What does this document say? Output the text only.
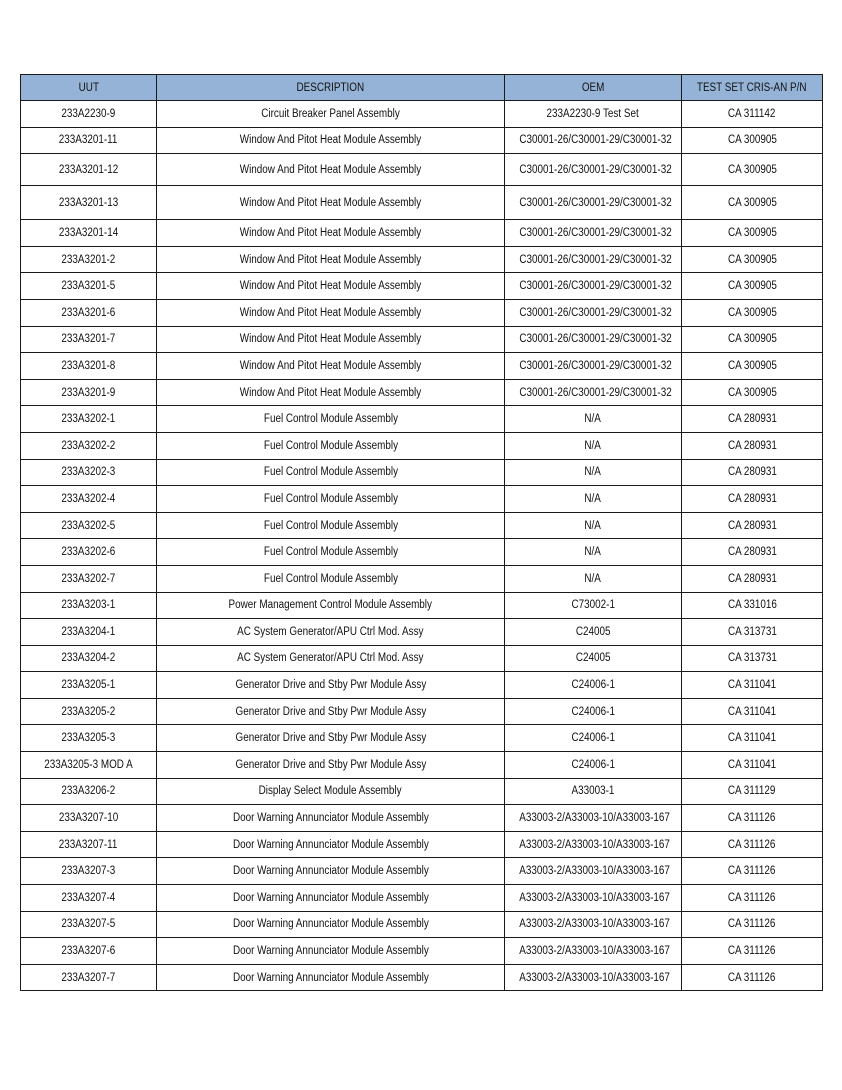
UUT	DESCRIPTION	OEM	TEST SET CRIS-AN P/N
233A2230-9	Circuit Breaker Panel Assembly	233A2230-9 Test Set	CA 311142
233A3201-11	Window And Pitot Heat Module Assembly	C30001-26/C30001-29/C30001-32	CA 300905
233A3201-12	Window And Pitot Heat Module Assembly	C30001-26/C30001-29/C30001-32	CA 300905
233A3201-13	Window And Pitot Heat Module Assembly	C30001-26/C30001-29/C30001-32	CA 300905
233A3201-14	Window And Pitot Heat Module Assembly	C30001-26/C30001-29/C30001-32	CA 300905
233A3201-2	Window And Pitot Heat Module Assembly	C30001-26/C30001-29/C30001-32	CA 300905
233A3201-5	Window And Pitot Heat Module Assembly	C30001-26/C30001-29/C30001-32	CA 300905
233A3201-6	Window And Pitot Heat Module Assembly	C30001-26/C30001-29/C30001-32	CA 300905
233A3201-7	Window And Pitot Heat Module Assembly	C30001-26/C30001-29/C30001-32	CA 300905
233A3201-8	Window And Pitot Heat Module Assembly	C30001-26/C30001-29/C30001-32	CA 300905
233A3201-9	Window And Pitot Heat Module Assembly	C30001-26/C30001-29/C30001-32	CA 300905
233A3202-1	Fuel Control Module Assembly	N/A	CA 280931
233A3202-2	Fuel Control Module Assembly	N/A	CA 280931
233A3202-3	Fuel Control Module Assembly	N/A	CA 280931
233A3202-4	Fuel Control Module Assembly	N/A	CA 280931
233A3202-5	Fuel Control Module Assembly	N/A	CA 280931
233A3202-6	Fuel Control Module Assembly	N/A	CA 280931
233A3202-7	Fuel Control Module Assembly	N/A	CA 280931
233A3203-1	Power Management Control Module Assembly	C73002-1	CA 331016
233A3204-1	AC System Generator/APU Ctrl Mod. Assy	C24005	CA 313731
233A3204-2	AC System Generator/APU Ctrl Mod. Assy	C24005	CA 313731
233A3205-1	Generator Drive and Stby Pwr Module Assy	C24006-1	CA 311041
233A3205-2	Generator Drive and Stby Pwr Module Assy	C24006-1	CA 311041
233A3205-3	Generator Drive and Stby Pwr Module Assy	C24006-1	CA 311041
233A3205-3 MOD A	Generator Drive and Stby Pwr Module Assy	C24006-1	CA 311041
233A3206-2	Display Select Module Assembly	A33003-1	CA 311129
233A3207-10	Door Warning Annunciator Module Assembly	A33003-2/A33003-10/A33003-167	CA 311126
233A3207-11	Door Warning Annunciator Module Assembly	A33003-2/A33003-10/A33003-167	CA 311126
233A3207-3	Door Warning Annunciator Module Assembly	A33003-2/A33003-10/A33003-167	CA 311126
233A3207-4	Door Warning Annunciator Module Assembly	A33003-2/A33003-10/A33003-167	CA 311126
233A3207-5	Door Warning Annunciator Module Assembly	A33003-2/A33003-10/A33003-167	CA 311126
233A3207-6	Door Warning Annunciator Module Assembly	A33003-2/A33003-10/A33003-167	CA 311126
233A3207-7	Door Warning Annunciator Module Assembly	A33003-2/A33003-10/A33003-167	CA 311126
